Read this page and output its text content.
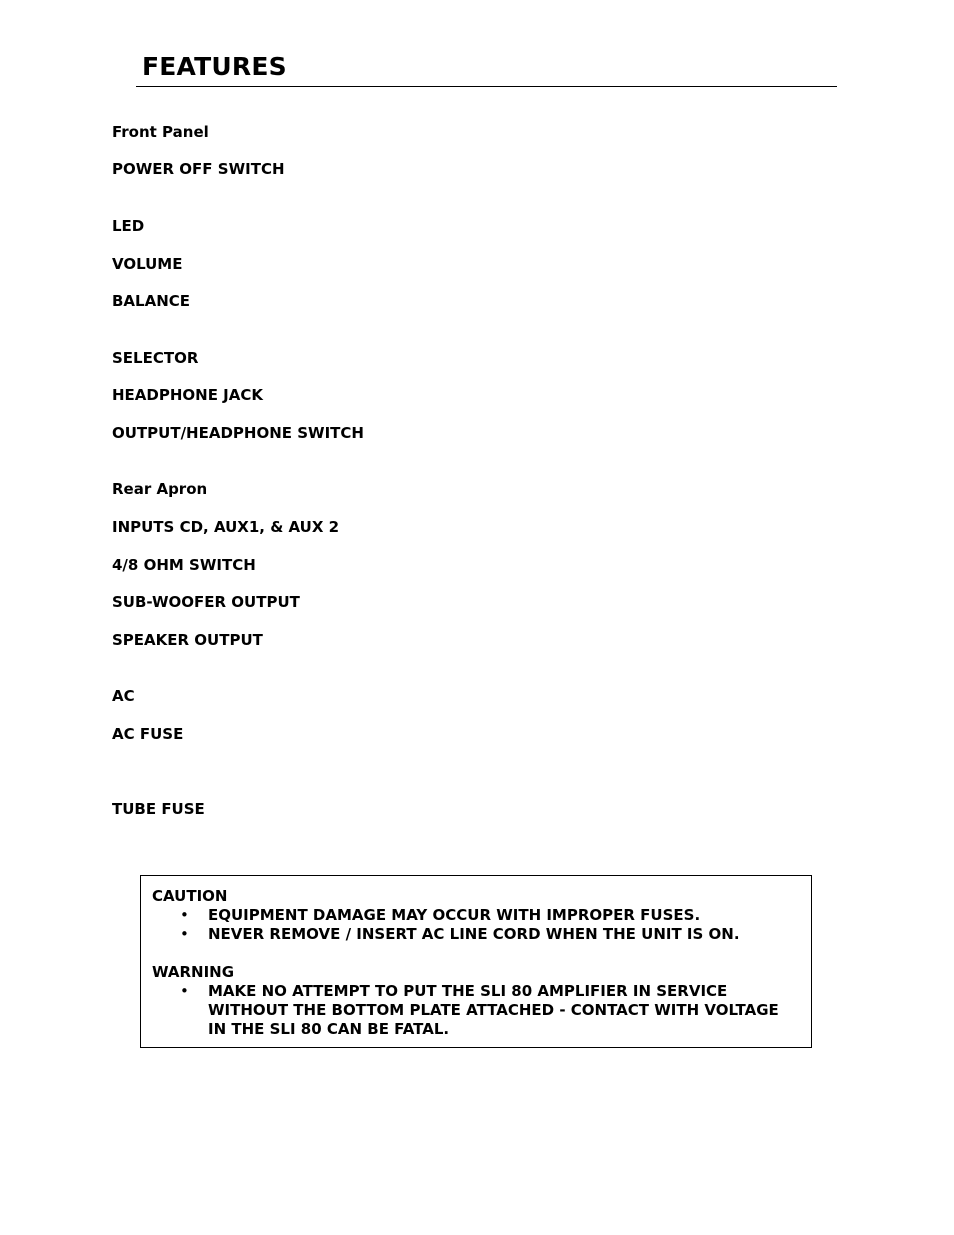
FEATURES
Front Panel
POWER OFF SWITCH
LED
VOLUME
BALANCE
SELECTOR
HEADPHONE JACK
OUTPUT/HEADPHONE SWITCH
Rear Apron
INPUTS CD, AUX1, & AUX 2
4/8 OHM SWITCH
SUB-WOOFER OUTPUT
SPEAKER OUTPUT
AC
AC FUSE
TUBE FUSE
CAUTION
• EQUIPMENT DAMAGE MAY OCCUR WITH IMPROPER FUSES.
• NEVER REMOVE / INSERT AC LINE CORD WHEN THE UNIT IS ON.
WARNING
• MAKE NO ATTEMPT TO PUT THE SLI 80 AMPLIFIER IN SERVICE WITHOUT THE BOTTOM PLATE ATTACHED - CONTACT WITH VOLTAGE IN THE SLI 80 CAN BE FATAL.
